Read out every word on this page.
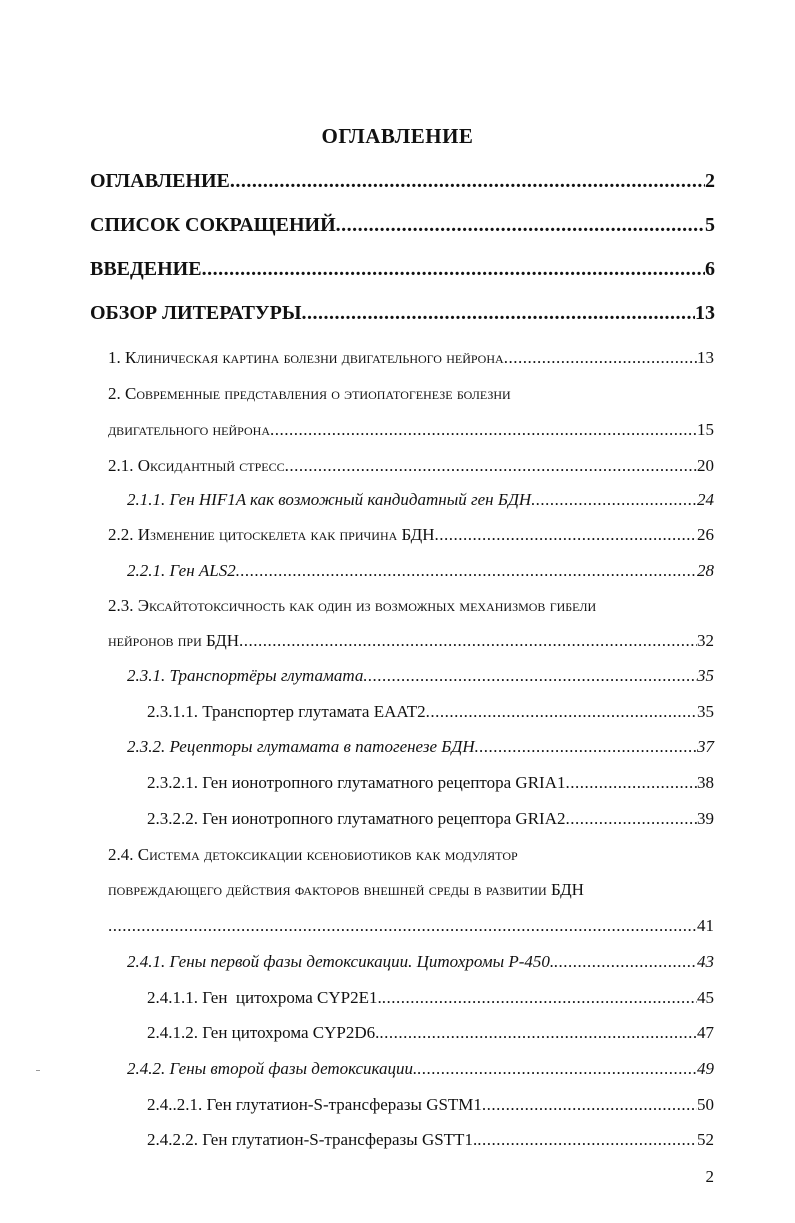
ОГЛАВЛЕНИЕ
ОГЛАВЛЕНИЕ .....	2
СПИСОК СОКРАЩЕНИЙ .....	5
ВВЕДЕНИЕ .....	6
ОБЗОР ЛИТЕРАТУРЫ .....	13
1. Клиническая картина болезни двигательного нейрона .....	13
2. Современные представления о этиопатогенезе болезни
двигательного нейрона .....	15
2.1. Оксидантный стресс .....	20
2.1.1. Ген HIF1A как возможный кандидатный ген БДН .....	24
2.2. Изменение цитоскелета как причина БДН .....	26
2.2.1. Ген ALS2 .....	28
2.3. Эксайтотоксичность как один из возможных механизмов гибели
нейронов при БДН .....	32
2.3.1. Транспортёры глутамата .....	35
2.3.1.1. Транспортер глутамата EAAT2 .....	35
2.3.2. Рецепторы глутамата в патогенезе БДН .....	37
2.3.2.1. Ген ионотропного глутаматного рецептора GRIA1 .....	38
2.3.2.2. Ген ионотропного глутаматного рецептора GRIA2 .....	39
2.4. Система детоксикации ксенобиотиков как модулятор
повреждающего действия факторов внешней среды в развитии БДН
.....
41
2.4.1. Гены первой фазы детоксикации. Цитохромы Р-450. .....	43
2.4.1.1. Ген  цитохрома CYP2E1. .....	45
2.4.1.2. Ген цитохрома CYP2D6. .....	47
2.4.2. Гены второй фазы детоксикации. .....	49
2.4..2.1. Ген глутатион-S-трансферазы GSTM1 .....	50
2.4.2.2. Ген глутатион-S-трансферазы GSTT1. .....	52
2
